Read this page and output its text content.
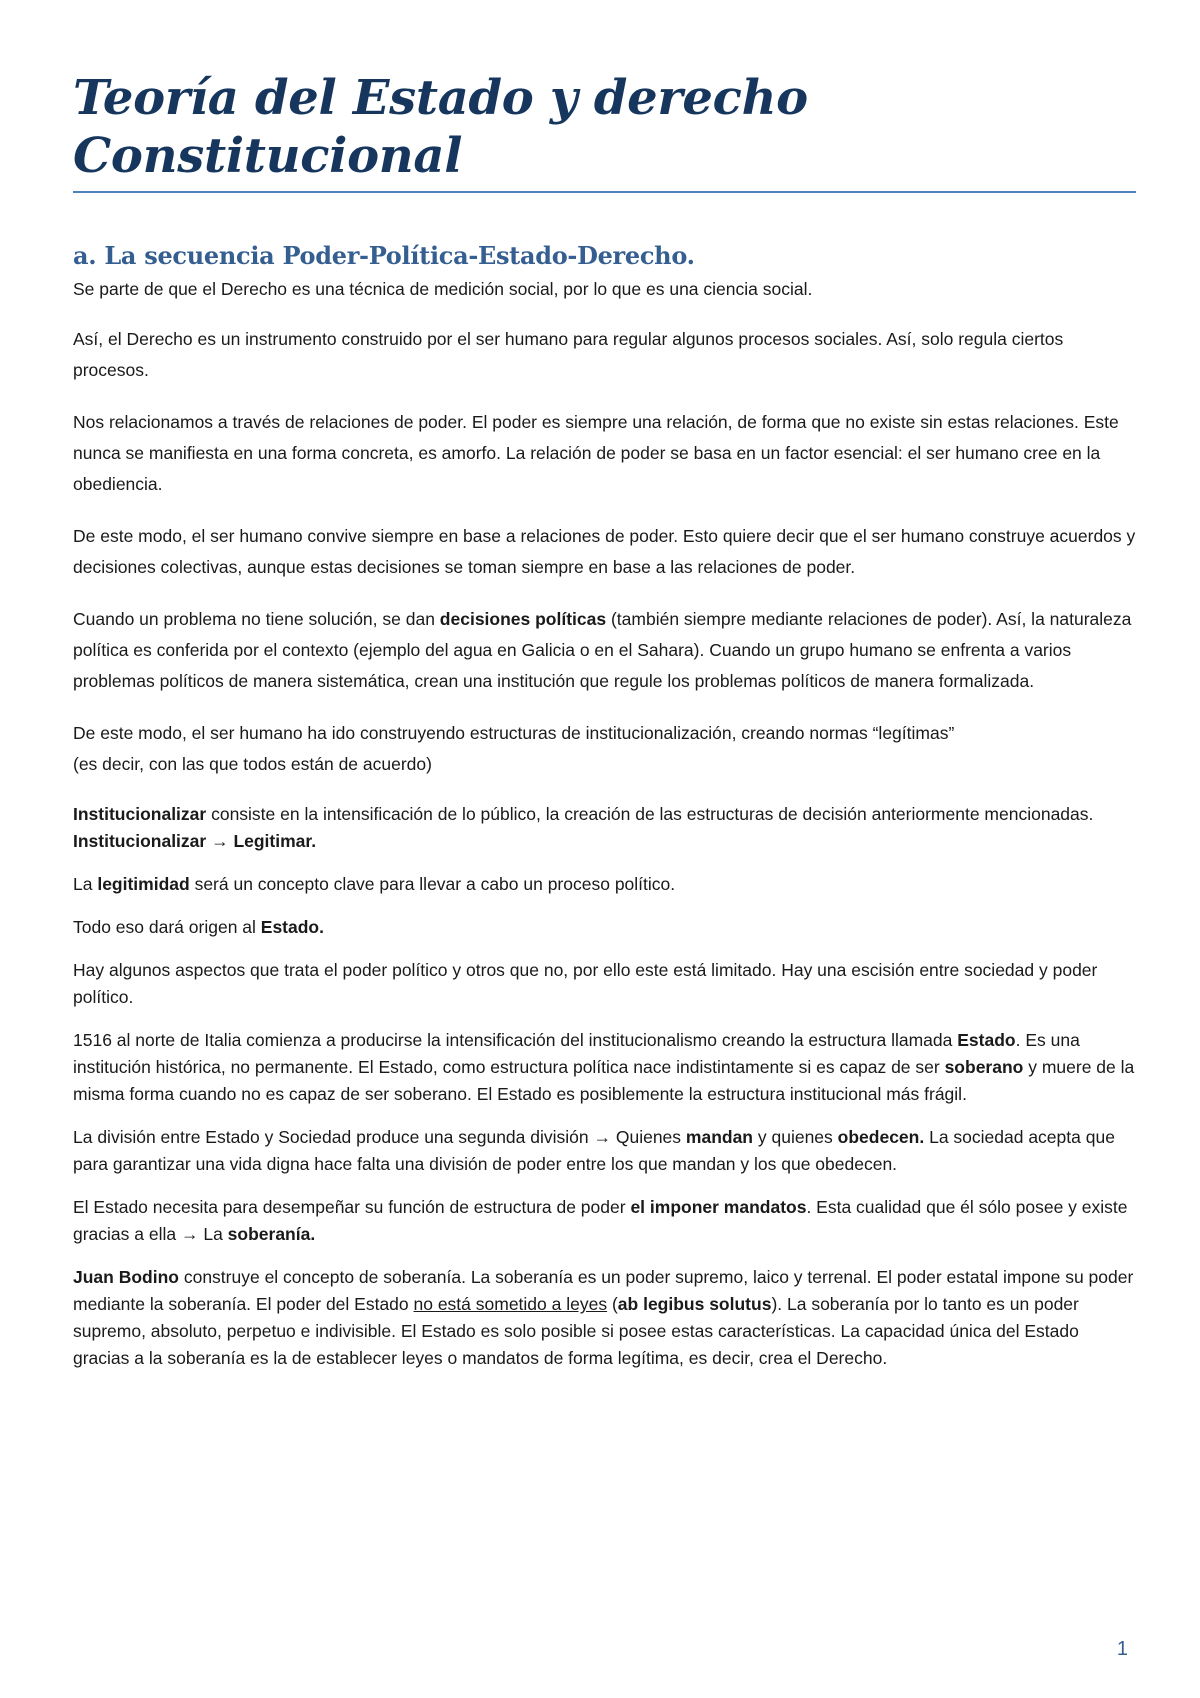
Teoría del Estado y derecho Constitucional
a. La secuencia Poder-Política-Estado-Derecho.

Se parte de que el Derecho es una técnica de medición social, por lo que es una ciencia social.

Así, el Derecho es un instrumento construido por el ser humano para regular algunos procesos sociales. Así, solo regula ciertos procesos.

Nos relacionamos a través de relaciones de poder. El poder es siempre una relación, de forma que no existe sin estas relaciones. Este nunca se manifiesta en una forma concreta, es amorfo. La relación de poder se basa en un factor esencial: el ser humano cree en la obediencia.

De este modo, el ser humano convive siempre en base a relaciones de poder. Esto quiere decir que el ser humano construye acuerdos y decisiones colectivas, aunque estas decisiones se toman siempre en base a las relaciones de poder.

Cuando un problema no tiene solución, se dan decisiones políticas (también siempre mediante relaciones de poder). Así, la naturaleza política es conferida por el contexto (ejemplo del agua en Galicia o en el Sahara). Cuando un grupo humano se enfrenta a varios problemas políticos de manera sistemática, crean una institución que regule los problemas políticos de manera formalizada.

De este modo, el ser humano ha ido construyendo estructuras de institucionalización, creando normas “legítimas”
(es decir, con las que todos están de acuerdo)

Institucionalizar consiste en la intensificación de lo público, la creación de las estructuras de decisión anteriormente mencionadas. Institucionalizar → Legitimar.

La legitimidad será un concepto clave para llevar a cabo un proceso político.

Todo eso dará origen al Estado.

Hay algunos aspectos que trata el poder político y otros que no, por ello este está limitado. Hay una escisión entre sociedad y poder político.

1516 al norte de Italia comienza a producirse la intensificación del institucionalismo creando la estructura llamada Estado. Es una institución histórica, no permanente. El Estado, como estructura política nace indistintamente si es capaz de ser soberano y muere de la misma forma cuando no es capaz de ser soberano. El Estado es posiblemente la estructura institucional más frágil.

La división entre Estado y Sociedad produce una segunda división → Quienes mandan y quienes obedecen. La sociedad acepta que para garantizar una vida digna hace falta una división de poder entre los que mandan y los que obedecen.

El Estado necesita para desempeñar su función de estructura de poder el imponer mandatos. Esta cualidad que él sólo posee y existe gracias a ella → La soberanía.

Juan Bodino construye el concepto de soberanía. La soberanía es un poder supremo, laico y terrenal. El poder estatal impone su poder mediante la soberanía. El poder del Estado no está sometido a leyes (ab legibus solutus). La soberanía por lo tanto es un poder supremo, absoluto, perpetuo e indivisible. El Estado es solo posible si posee estas características. La capacidad única del Estado gracias a la soberanía es la de establecer leyes o mandatos de forma legítima, es decir, crea el Derecho.

1
